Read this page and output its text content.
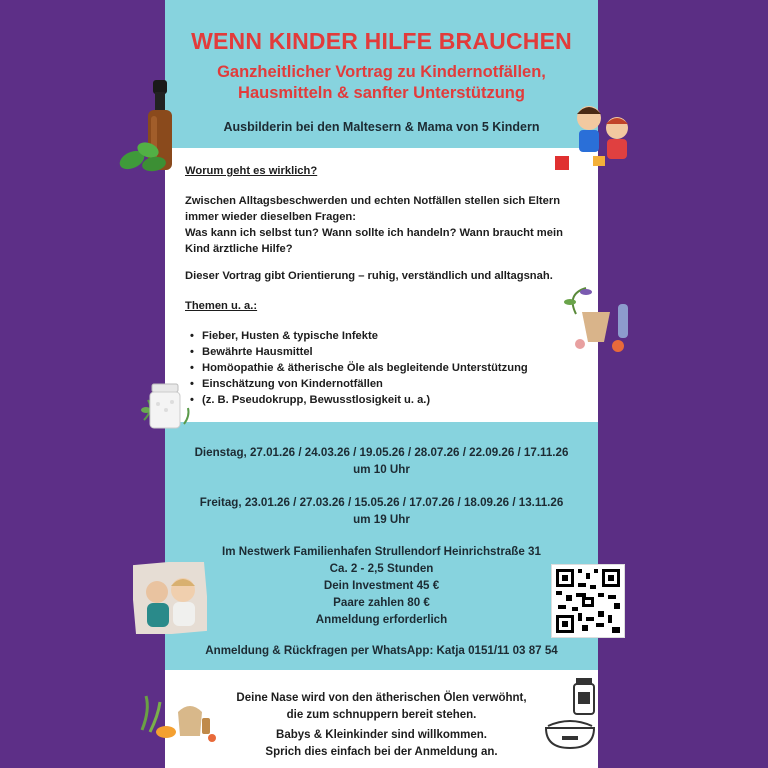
WENN KINDER HILFE BRAUCHEN
Ganzheitlicher Vortrag zu Kindernotfällen,
Hausmitteln & sanfter Unterstützung
Ausbilderin bei den Maltesern & Mama von 5 Kindern
Worum geht es wirklich?
Zwischen Alltagsbeschwerden und echten Notfällen stellen sich Eltern
immer wieder dieselben Fragen:
Was kann ich selbst tun? Wann sollte ich handeln? Wann braucht mein
Kind ärztliche Hilfe?
Dieser Vortrag gibt Orientierung – ruhig, verständlich und alltagsnah.
Themen u. a.:
• Fieber, Husten & typische Infekte
• Bewährte Hausmittel
• Homöopathie & ätherische Öle als begleitende Unterstützung
• Einschätzung von Kindernotfällen
• (z. B. Pseudokrupp, Bewusstlosigkeit u. a.)
Dienstag, 27.01.26 / 24.03.26 / 19.05.26 / 28.07.26 / 22.09.26 / 17.11.26
um 10 Uhr
Freitag, 23.01.26 / 27.03.26 / 15.05.26 / 17.07.26 / 18.09.26 / 13.11.26
um 19 Uhr
Im Nestwerk Familienhafen Strullendorf Heinrichstraße 31
Ca. 2 - 2,5 Stunden
Dein Investment 45 €
Paare zahlen 80 €
Anmeldung erforderlich
Anmeldung & Rückfragen per WhatsApp: Katja 0151/11 03 87 54
Deine Nase wird von den ätherischen Ölen verwöhnt,
die zum schnuppern bereit stehen.
Babys & Kleinkinder sind willkommen.
Sprich dies einfach bei der Anmeldung an.
